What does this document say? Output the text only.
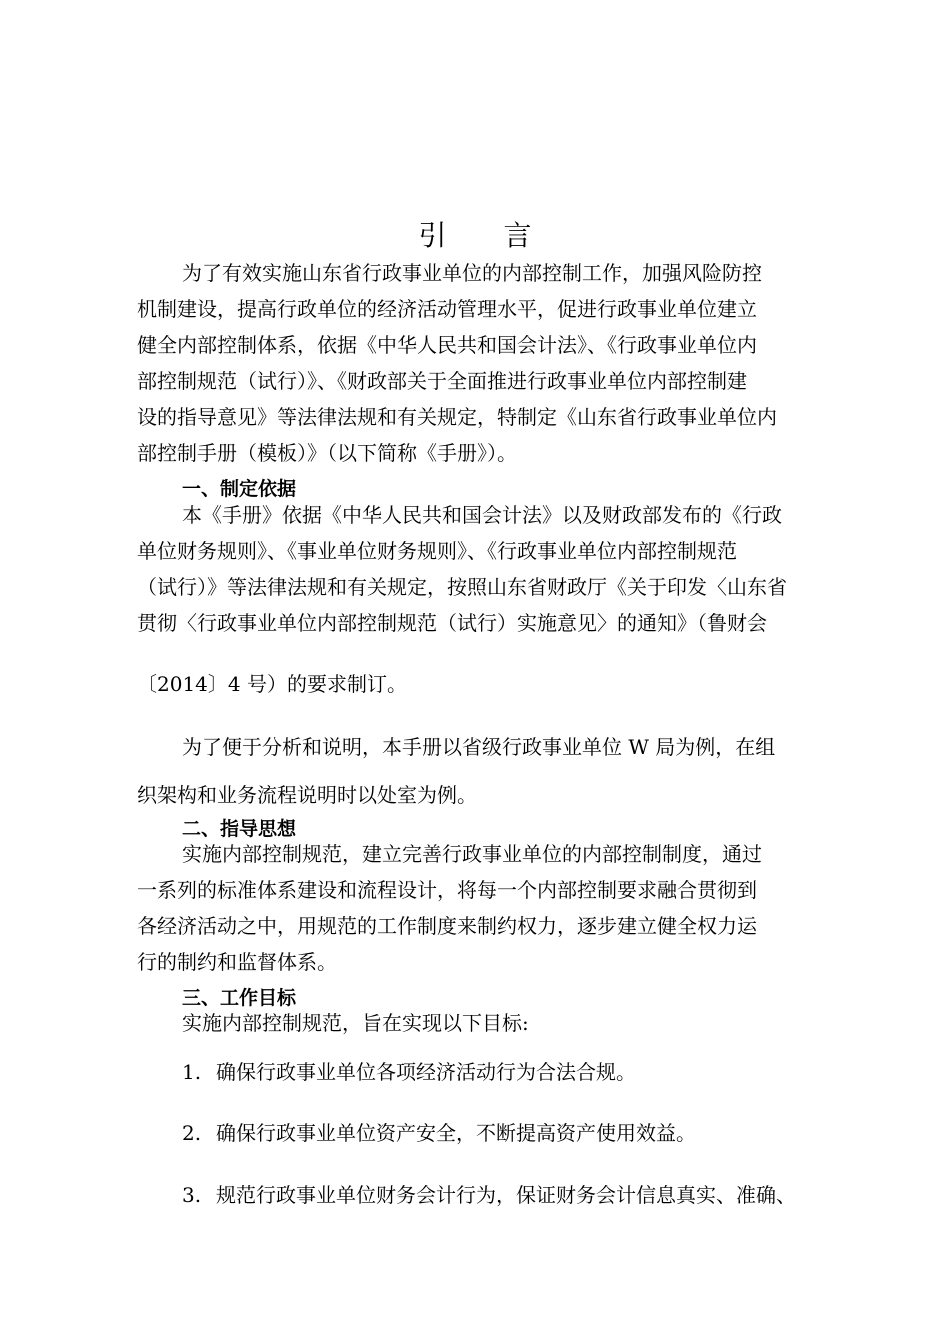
引 言
为了有效实施山东省行政事业单位的内部控制工作，加强风险防控
机制建设，提高行政单位的经济活动管理水平，促进行政事业单位建立
健全内部控制体系，依据《中华人民共和国会计法》、《行政事业单位内
部控制规范（试行）》、《财政部关于全面推进行政事业单位内部控制建
设的指导意见》等法律法规和有关规定，特制定《山东省行政事业单位内
部控制手册（模板）》（以下简称《手册》）。
一、制定依据
本《手册》依据《中华人民共和国会计法》以及财政部发布的《行政
单位财务规则》、《事业单位财务规则》、《行政事业单位内部控制规范
（试行）》等法律法规和有关规定，按照山东省财政厅《关于印发〈山东省
贯彻〈行政事业单位内部控制规范（试行）实施意见〉的通知》（鲁财会
〔2014〕4 号）的要求制订。
为了便于分析和说明，本手册以省级行政事业单位 W 局为例，在组
织架构和业务流程说明时以处室为例。
二、指导思想
实施内部控制规范，建立完善行政事业单位的内部控制制度，通过
一系列的标准体系建设和流程设计，将每一个内部控制要求融合贯彻到
各经济活动之中，用规范的工作制度来制约权力，逐步建立健全权力运
行的制约和监督体系。
三、工作目标
实施内部控制规范，旨在实现以下目标:
1. 确保行政事业单位各项经济活动行为合法合规。
2. 确保行政事业单位资产安全，不断提高资产使用效益。
3. 规范行政事业单位财务会计行为，保证财务会计信息真实、准确、
